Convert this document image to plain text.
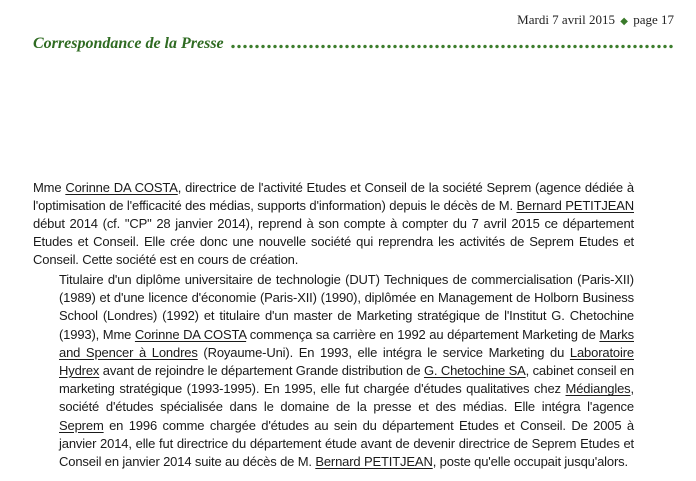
Mardi 7 avril 2015 ◆ page 17
Correspondance de la Presse

Mme Corinne DA COSTA, directrice de l'activité Etudes et Conseil de la société Seprem (agence dédiée à l'optimisation de l'efficacité des médias, supports d'information) depuis le décès de M. Bernard PETITJEAN début 2014 (cf. "CP" 28 janvier 2014), reprend à son compte à compter du 7 avril 2015 ce département Etudes et Conseil. Elle crée donc une nouvelle société qui reprendra les activités de Seprem Etudes et Conseil. Cette société est en cours de création.

Titulaire d'un diplôme universitaire de technologie (DUT) Techniques de commercialisation (Paris-XII) (1989) et d'une licence d'économie (Paris-XII) (1990), diplômée en Management de Holborn Business School (Londres) (1992) et titulaire d'un master de Marketing stratégique de l'Institut G. Chetochine (1993), Mme Corinne DA COSTA commença sa carrière en 1992 au département Marketing de Marks and Spencer à Londres (Royaume-Uni). En 1993, elle intégra le service Marketing du Laboratoire Hydrex avant de rejoindre le département Grande distribution de G. Chetochine SA, cabinet conseil en marketing stratégique (1993-1995). En 1995, elle fut chargée d'études qualitatives chez Médiangles, société d'études spécialisée dans le domaine de la presse et des médias. Elle intégra l'agence Seprem en 1996 comme chargée d'études au sein du département Etudes et Conseil. De 2005 à janvier 2014, elle fut directrice du département étude avant de devenir directrice de Seprem Etudes et Conseil en janvier 2014 suite au décès de M. Bernard PETITJEAN, poste qu'elle occupait jusqu'alors.
